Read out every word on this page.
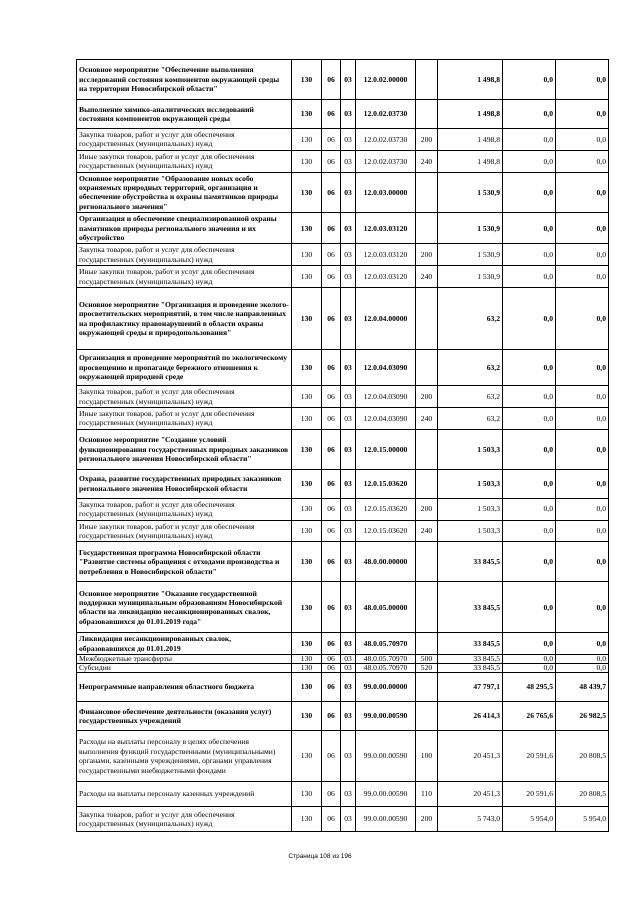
Основное мероприятие "Обеспечение выполнения исследований состояния компонентов окружающей среды на территории Новосибирской области"	130	06	03	12.0.02.00000		1 498,8	0,0	0,0
Выполнение химико-аналитических исследований состояния компонентов окружающей среды	130	06	03	12.0.02.03730		1 498,8	0,0	0,0
Закупка товаров, работ и услуг для обеспечения государственных (муниципальных) нужд	130	06	03	12.0.02.03730	200	1 498,8	0,0	0,0
Иные закупки товаров, работ и услуг для обеспечения государственных (муниципальных) нужд	130	06	03	12.0.02.03730	240	1 498,8	0,0	0,0
Основное мероприятие "Образование новых особо охраняемых природных территорий, организация и обеспечение обустройства и охраны памятников природы регионального значения"	130	06	03	12.0.03.00000		1 530,9	0,0	0,0
Организация и обеспечение специализированной охраны памятников природы регионального значения и их обустройство	130	06	03	12.0.03.03120		1 530,9	0,0	0,0
Закупка товаров, работ и услуг для обеспечения государственных (муниципальных) нужд	130	06	03	12.0.03.03120	200	1 530,9	0,0	0,0
Иные закупки товаров, работ и услуг для обеспечения государственных (муниципальных) нужд	130	06	03	12.0.03.03120	240	1 530,9	0,0	0,0
Основное мероприятие "Организация и проведение эколого-просветительских мероприятий, в том числе направленных на профилактику правонарушений в области охраны окружающей среды и природопользования"	130	06	03	12.0.04.00000		63,2	0,0	0,0
Организация и проведение мероприятий по экологическому просвещению и пропаганде бережного отношения к окружающей природной среде	130	06	03	12.0.04.03090		63,2	0,0	0,0
Закупка товаров, работ и услуг для обеспечения государственных (муниципальных) нужд	130	06	03	12.0.04.03090	200	63,2	0,0	0,0
Иные закупки товаров, работ и услуг для обеспечения государственных (муниципальных) нужд	130	06	03	12.0.04.03090	240	63,2	0,0	0,0
Основное мероприятие "Создание условий функционирования государственных природных заказников регионального значения Новосибирской области"	130	06	03	12.0.15.00000		1 503,3	0,0	0,0
Охрана, развитие государственных природных заказников регионального значения Новосибирской области	130	06	03	12.0.15.03620		1 503,3	0,0	0,0
Закупка товаров, работ и услуг для обеспечения государственных (муниципальных) нужд	130	06	03	12.0.15.03620	200	1 503,3	0,0	0,0
Иные закупки товаров, работ и услуг для обеспечения государственных (муниципальных) нужд	130	06	03	12.0.15.03620	240	1 503,3	0,0	0,0
Государственная программа Новосибирской области "Развитие системы обращения с отходами производства и потребления в Новосибирской области"	130	06	03	48.0.00.00000		33 845,5	0,0	0,0
Основное мероприятие "Оказание государственной поддержки муниципальным образованиям Новосибирской области на ликвидацию несанкционированных свалок, образовавшихся до 01.01.2019 года"	130	06	03	48.0.05.00000		33 845,5	0,0	0,0
Ликвидация несанкционированных свалок, образовавшихся до 01.01.2019	130	06	03	48.0.05.70970		33 845,5	0,0	0,0
Межбюджетные трансферты	130	06	03	48.0.05.70970	500	33 845,5	0,0	0,0
Субсидии	130	06	03	48.0.05.70970	520	33 845,5	0,0	0,0
Непрограммные направления областного бюджета	130	06	03	99.0.00.00000		47 797,1	48 295,5	48 439,7
Финансовое обеспечение деятельности (оказания услуг) государственных учреждений	130	06	03	99.0.00.00590		26 414,3	26 765,6	26 982,5
Расходы на выплаты персоналу в целях обеспечения выполнения функций государственными (муниципальными) органами, казенными учреждениями, органами управления государственными внебюджетными фондами	130	06	03	99.0.00.00590	100	20 451,3	20 591,6	20 808,5
Расходы на выплаты персоналу казенных учреждений	130	06	03	99.0.00.00590	110	20 451,3	20 591,6	20 808,5
Закупка товаров, работ и услуг для обеспечения государственных (муниципальных) нужд	130	06	03	99.0.00.00590	200	5 743,0	5 954,0	5 954,0
Страница 108 из 196
